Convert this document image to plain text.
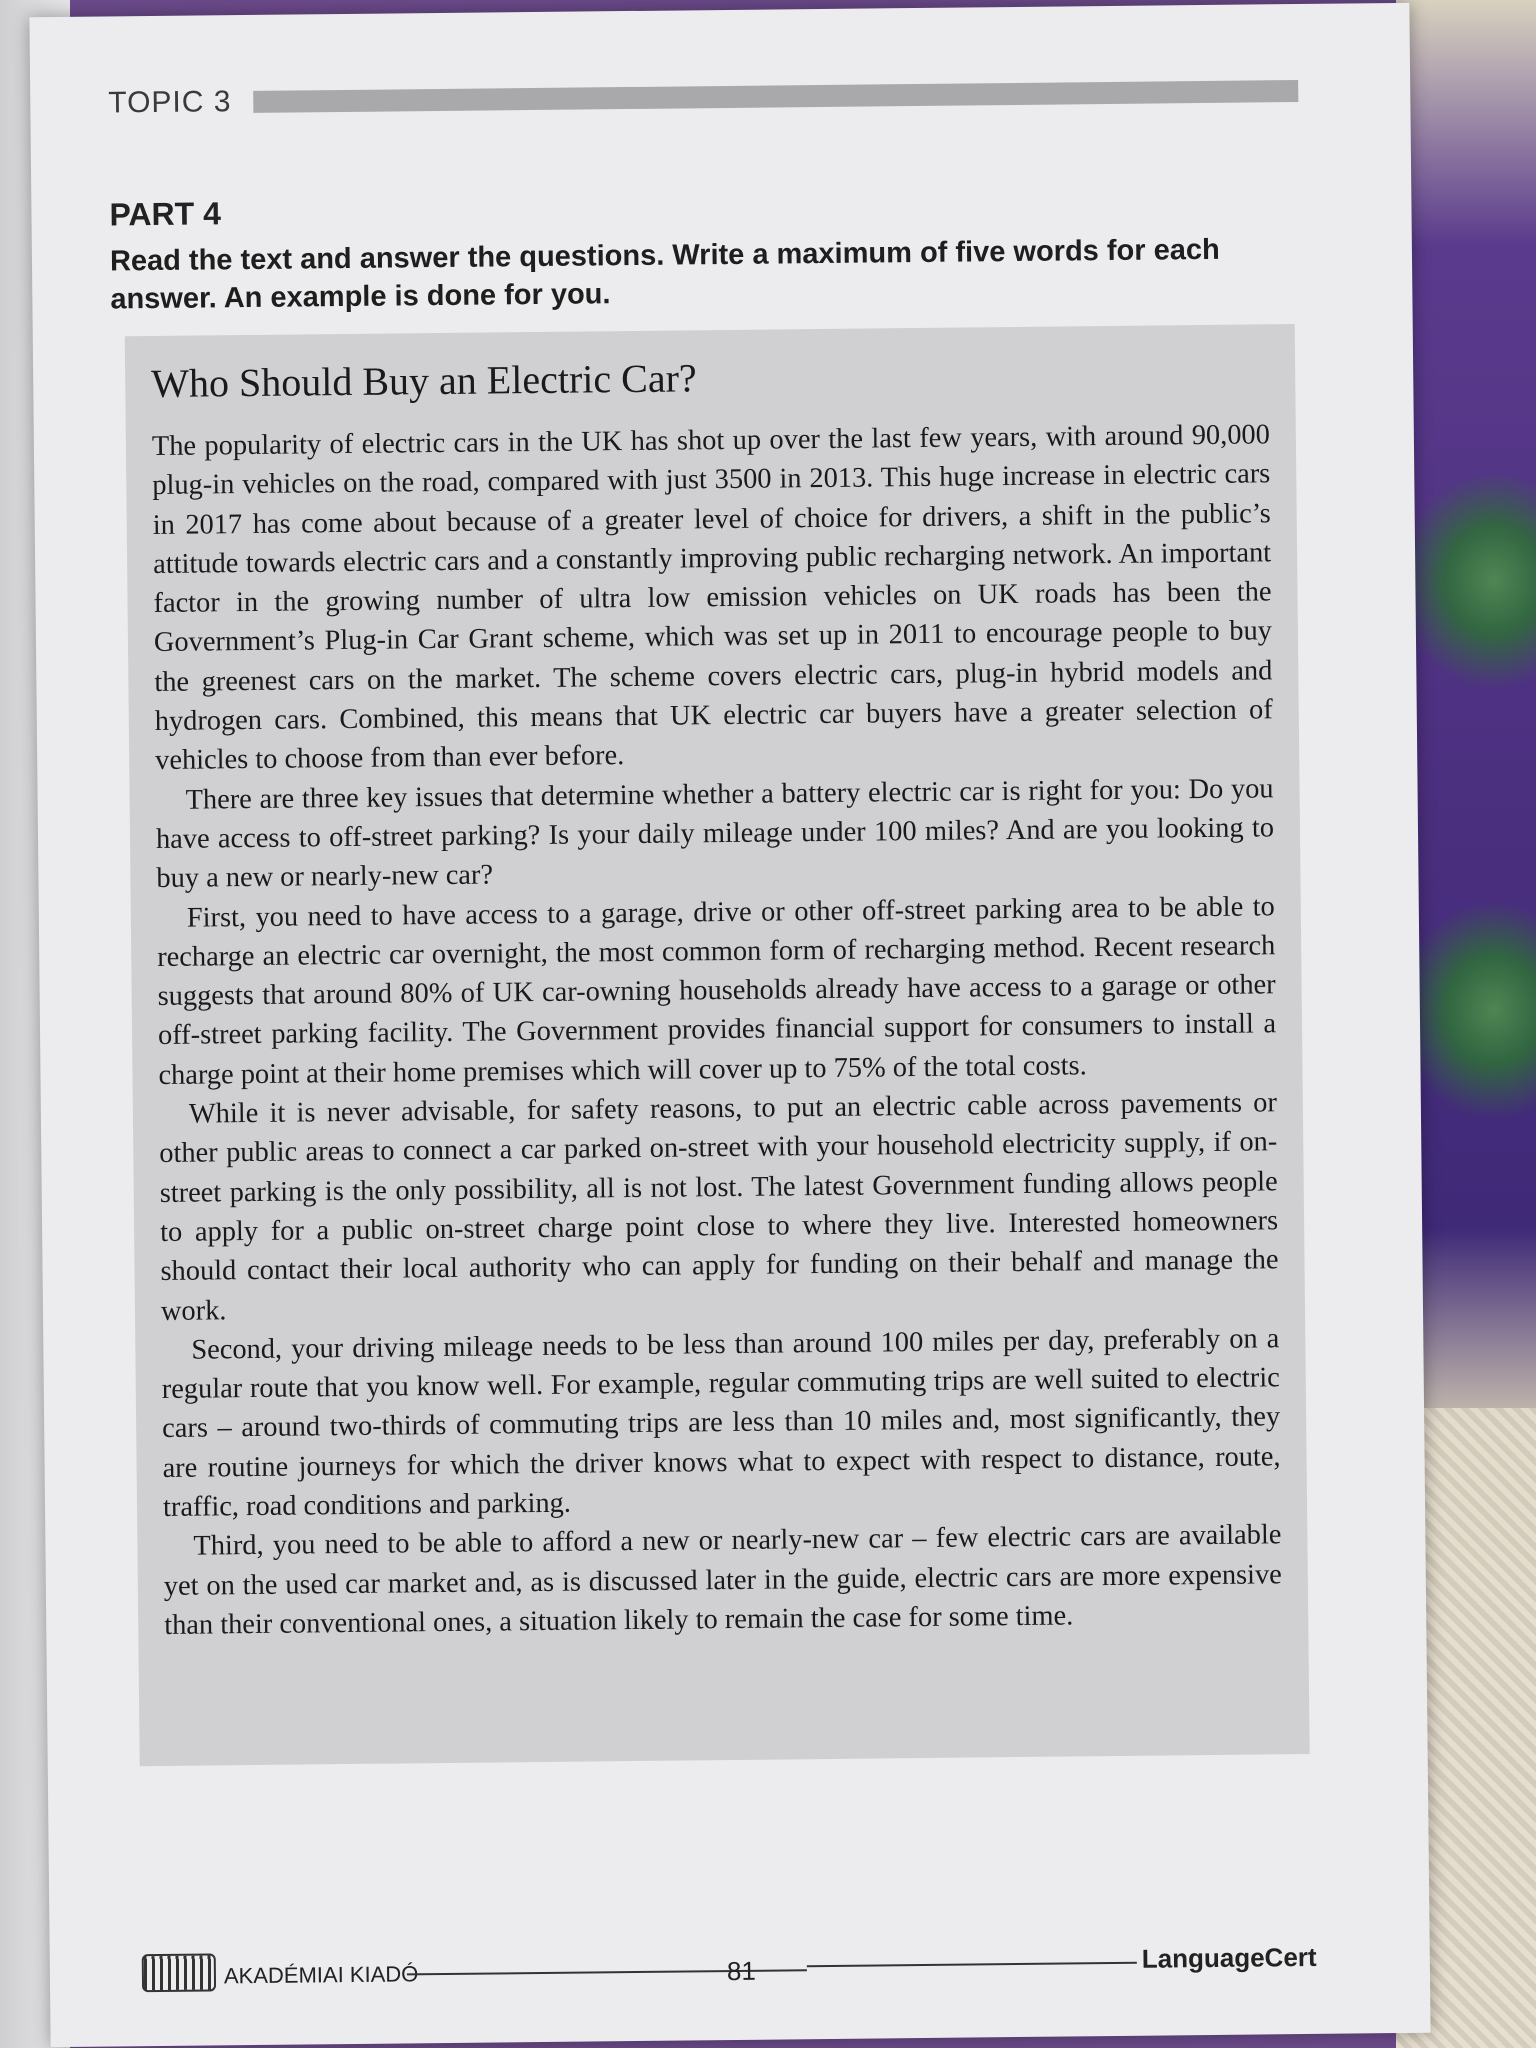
TOPIC 3
PART 4
Read the text and answer the questions. Write a maximum of five words for each answer. An example is done for you.
Who Should Buy an Electric Car?

The popularity of electric cars in the UK has shot up over the last few years, with around 90,000 plug-in vehicles on the road, compared with just 3500 in 2013. This huge increase in electric cars in 2017 has come about because of a greater level of choice for drivers, a shift in the public’s attitude towards electric cars and a constantly improving public recharging network. An important factor in the growing number of ultra low emission vehicles on UK roads has been the Government’s Plug-in Car Grant scheme, which was set up in 2011 to encourage people to buy the greenest cars on the market. The scheme covers electric cars, plug-in hybrid models and hydrogen cars. Combined, this means that UK electric car buyers have a greater selection of vehicles to choose from than ever before.

There are three key issues that determine whether a battery electric car is right for you: Do you have access to off-street parking? Is your daily mileage under 100 miles? And are you looking to buy a new or nearly-new car?

First, you need to have access to a garage, drive or other off-street parking area to be able to recharge an electric car overnight, the most common form of recharging method. Recent research suggests that around 80% of UK car-owning households already have access to a garage or other off-street parking facility. The Government provides financial support for consumers to install a charge point at their home premises which will cover up to 75% of the total costs.

While it is never advisable, for safety reasons, to put an electric cable across pavements or other public areas to connect a car parked on-street with your household electricity supply, if on-street parking is the only possibility, all is not lost. The latest Government funding allows people to apply for a public on-street charge point close to where they live. Interested homeowners should contact their local authority who can apply for funding on their behalf and manage the work.

Second, your driving mileage needs to be less than around 100 miles per day, preferably on a regular route that you know well. For example, regular commuting trips are well suited to electric cars – around two-thirds of commuting trips are less than 10 miles and, most significantly, they are routine journeys for which the driver knows what to expect with respect to distance, route, traffic, road conditions and parking.

Third, you need to be able to afford a new or nearly-new car – few electric cars are available yet on the used car market and, as is discussed later in the guide, electric cars are more expensive than their conventional ones, a situation likely to remain the case for some time.

AKADÉMIAI KIADÓ	81	LanguageCert
